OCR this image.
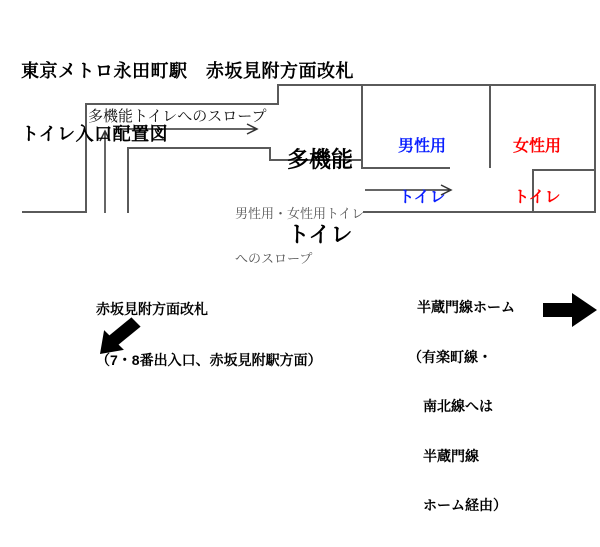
東京メトロ永田町駅　赤坂見附方面改札

トイレ入口配置図

多機能トイレへのスロープ

多機能

トイレ

男性用

トイレ

女性用

トイレ

男性用・女性用トイレ

へのスロープ

赤坂見附方面改札

（7・8番出入口、赤坂見附駅方面）

半蔵門線ホーム

（有楽町線・

南北線へは

半蔵門線

ホーム経由）
